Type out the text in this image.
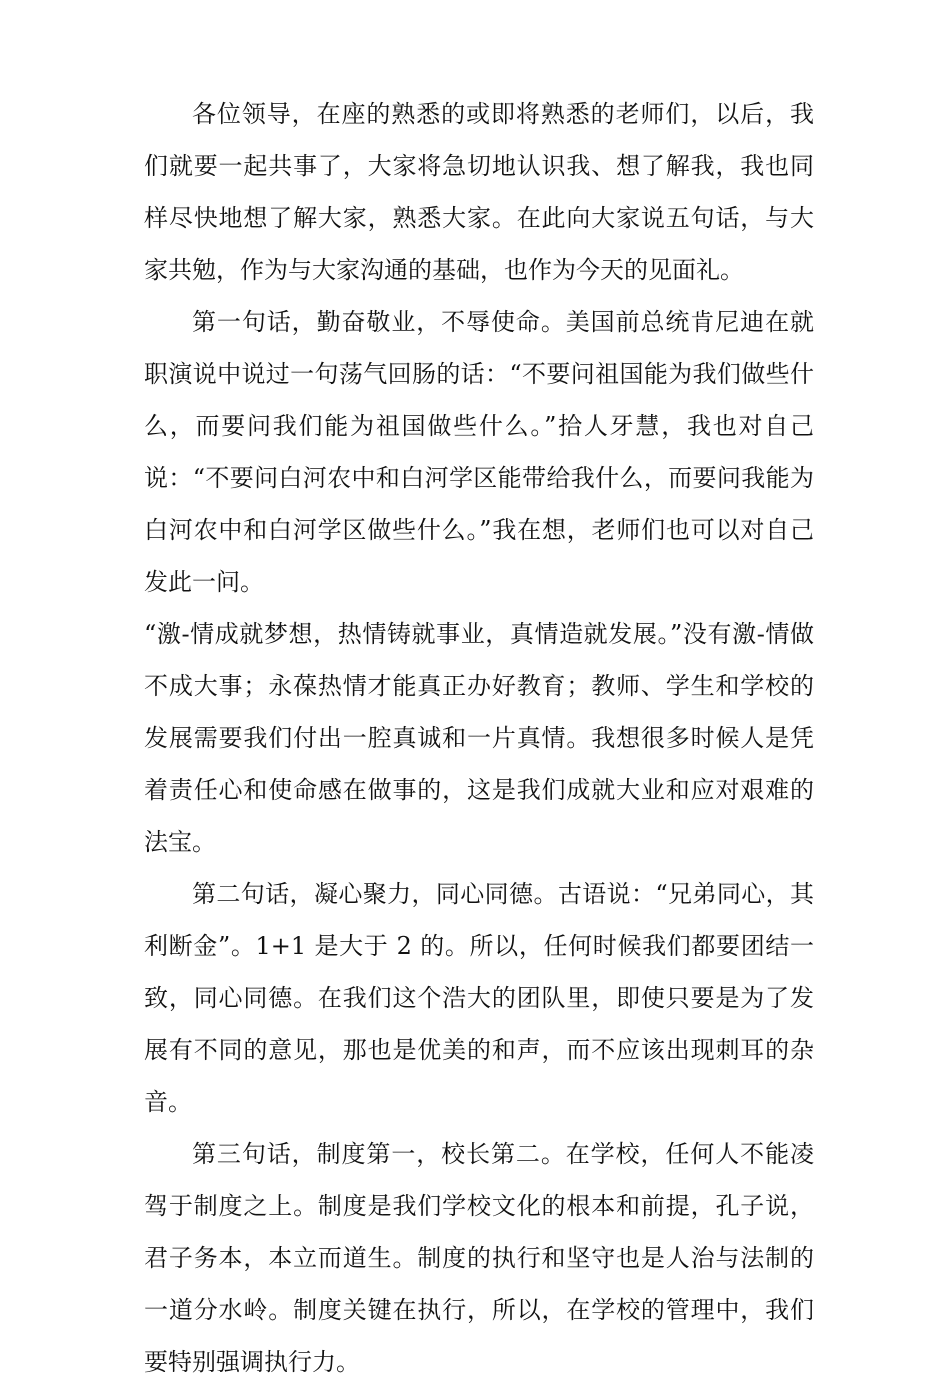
各位领导，在座的熟悉的或即将熟悉的老师们，以后，我们就要一起共事了，大家将急切地认识我、想了解我，我也同样尽快地想了解大家，熟悉大家。在此向大家说五句话，与大家共勉，作为与大家沟通的基础，也作为今天的见面礼。

第一句话，勤奋敬业，不辱使命。美国前总统肯尼迪在就职演说中说过一句荡气回肠的话：“不要问祖国能为我们做些什么，而要问我们能为祖国做些什么。”拾人牙慧，我也对自己说：“不要问白河农中和白河学区能带给我什么，而要问我能为白河农中和白河学区做些什么。”我在想，老师们也可以对自己发此一问。

“激-情成就梦想，热情铸就事业，真情造就发展。”没有激-情做不成大事；永葆热情才能真正办好教育；教师、学生和学校的发展需要我们付出一腔真诚和一片真情。我想很多时候人是凭着责任心和使命感在做事的，这是我们成就大业和应对艰难的法宝。

第二句话，凝心聚力，同心同德。古语说：“兄弟同心，其利断金”。1+1 是大于 2 的。所以，任何时候我们都要团结一致，同心同德。在我们这个浩大的团队里，即使只要是为了发展有不同的意见，那也是优美的和声，而不应该出现刺耳的杂音。

第三句话，制度第一，校长第二。在学校，任何人不能凌驾于制度之上。制度是我们学校文化的根本和前提，孔子说，君子务本，本立而道生。制度的执行和坚守也是人治与法制的一道分水岭。制度关键在执行，所以，在学校的管理中，我们要特别强调执行力。
